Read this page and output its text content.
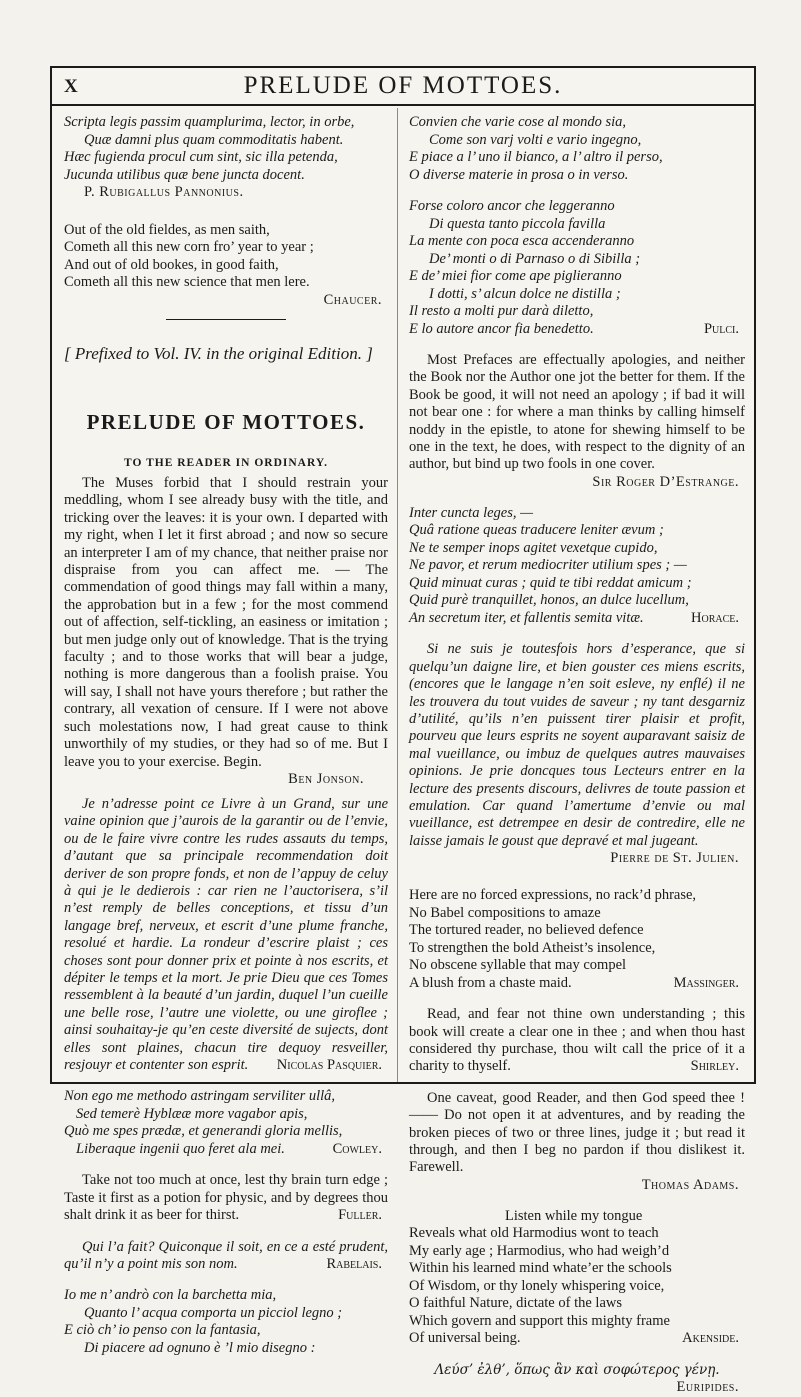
X	PRELUDE OF MOTTOES.
Scripta legis passim quamplurima, lector, in orbe,
Quæ damni plus quam commoditatis habent.
Hæc fugienda procul cum sint, sic illa petenda,
Jucunda utilibus quæ bene juncta docent.
P. Rubigallus Pannonius.
Out of the old fieldes, as men saith,
Cometh all this new corn fro’ year to year ;
And out of old bookes, in good faith,
Cometh all this new science that men lere.
Chaucer.

[ Prefixed to Vol. IV. in the original Edition. ]

PRELUDE OF MOTTOES.
TO THE READER IN ORDINARY.

The Muses forbid that I should restrain your meddling, whom I see already busy with the title, and tricking over the leaves: it is your own. I departed with my right, when I let it first abroad ; and now so secure an interpreter I am of my chance, that neither praise nor dispraise from you can affect me. — The commendation of good things may fall within a many, the approbation but in a few ; for the most commend out of affection, self-tickling, an easiness or imitation ; but men judge only out of knowledge. That is the trying faculty ; and to those works that will bear a judge, nothing is more dangerous than a foolish praise. You will say, I shall not have yours therefore ; but rather the contrary, all vexation of censure. If I were not above such molestations now, I had great cause to think unworthily of my studies, or they had so of me. But I leave you to your exercise. Begin.

Ben Jonson.

Je n’adresse point ce Livre à un Grand, sur une vaine opinion que j’aurois de la garantir ou de l’envie, ou de le faire vivre contre les rudes assauts du temps, d’autant que sa principale recommendation doit deriver de son propre fonds, et non de l’appuy de celuy à qui je le dedierois : car rien ne l’auctorisera, s’il n’est remply de belles conceptions, et tissu d’un langage bref, nerveux, et escrit d’une plume franche, resolué et hardie. La rondeur d’escrire plaist ; ces choses sont pour donner prix et pointe à nos escrits, et dépiter le temps et la mort. Je prie Dieu que ces Tomes ressemblent à la beauté d’un jardin, duquel l’un cueille une belle rose, l’autre une violette, ou une giroflee ; ainsi souhaitay-je qu’en ceste diversité de sujects, dont elles sont plaines, chacun tire dequoy resveiller, resjouyr et contenter son esprit.	Nicolas Pasquier.

Non ego me methodo astringam serviliter ullâ,
Sed temerè Hyblææ more vagabor apis,
Quò me spes prædæ, et generandi gloria mellis,
Liberaque ingenii quo feret ala mei.	Cowley.

Take not too much at once, lest thy brain turn edge ; Taste it first as a potion for physic, and by degrees thou shalt drink it as beer for thirst.	Fuller.

Qui l’a fait? Quiconque il soit, en ce a esté prudent, qu’il n’y a point mis son nom.	Rabelais.

Io me n’ andrò con la barchetta mia,
Quanto l’ acqua comporta un picciol legno ;
E ciò ch’ io penso con la fantasia,
Di piacere ad ognuno è ’l mio disegno :
Convien che varie cose al mondo sia,
Come son varj volti e vario ingegno,
E piace a l’ uno il bianco, a l’ altro il perso,
O diverse materie in prosa o in verso.
Forse coloro ancor che leggeranno
Di questa tanto piccola favilla
La mente con poca esca accenderanno
De’ monti o di Parnaso o di Sibilla ;
E de’ miei fior come ape piglieranno
I dotti, s’ alcun dolce ne distilla ;
Il resto a molti pur darà diletto,
E lo autore ancor fia benedetto.	Pulci.

Most Prefaces are effectually apologies, and neither the Book nor the Author one jot the better for them. If the Book be good, it will not need an apology ; if bad it will not bear one : for where a man thinks by calling himself noddy in the epistle, to atone for shewing himself to be one in the text, he does, with respect to the dignity of an author, but bind up two fools in one cover.

Sir Roger D’Estrange.
Inter cuncta leges, —
Quâ ratione queas traducere leniter ævum ;
Ne te semper inops agitet vexetque cupido,
Ne pavor, et rerum mediocriter utilium spes ; —
Quid minuat curas ; quid te tibi reddat amicum ;
Quid purè tranquillet, honos, an dulce lucellum,
An secretum iter, et fallentis semita vitæ.	Horace.

Si ne suis je toutesfois hors d’esperance, que si quelqu’un daigne lire, et bien gouster ces miens escrits, (encores que le langage n’en soit esleve, ny enflé) il ne les trouvera du tout vuides de saveur ; ny tant desgarniz d’utilité, qu’ils n’en puissent tirer plaisir et profit, pourveu que leurs esprits ne soyent auparavant saisiz de mal vueillance, ou imbuz de quelques autres mauvaises opinions. Je prie doncques tous Lecteurs entrer en la lecture des presents discours, delivres de toute passion et emulation. Car quand l’amertume d’envie ou mal vueillance, est detrempee en desir de contredire, elle ne laisse jamais le goust que depravé et mal jugeant.

Pierre de St. Julien.
Here are no forced expressions, no rack’d phrase,
No Babel compositions to amaze
The tortured reader, no believed defence
To strengthen the bold Atheist’s insolence,
No obscene syllable that may compel
A blush from a chaste maid.	Massinger.

Read, and fear not thine own understanding ; this book will create a clear one in thee ; and when thou hast considered thy purchase, thou wilt call the price of it a charity to thyself.	Shirley.

One caveat, good Reader, and then God speed thee ! —— Do not open it at adventures, and by reading the broken pieces of two or three lines, judge it ; but read it through, and then I beg no pardon if thou dislikest it. Farewell.

Thomas Adams.
Listen while my tongue
Reveals what old Harmodius wont to teach
My early age ; Harmodius, who had weigh’d
Within his learned mind whate’er the schools
Of Wisdom, or thy lonely whispering voice,
O faithful Nature, dictate of the laws
Which govern and support this mighty frame
Of universal being.	Akenside.
Λεύσ’ ἐλθ’, ὅπως ἂν καὶ σοφώτερος γένῃ.
Euripides.
